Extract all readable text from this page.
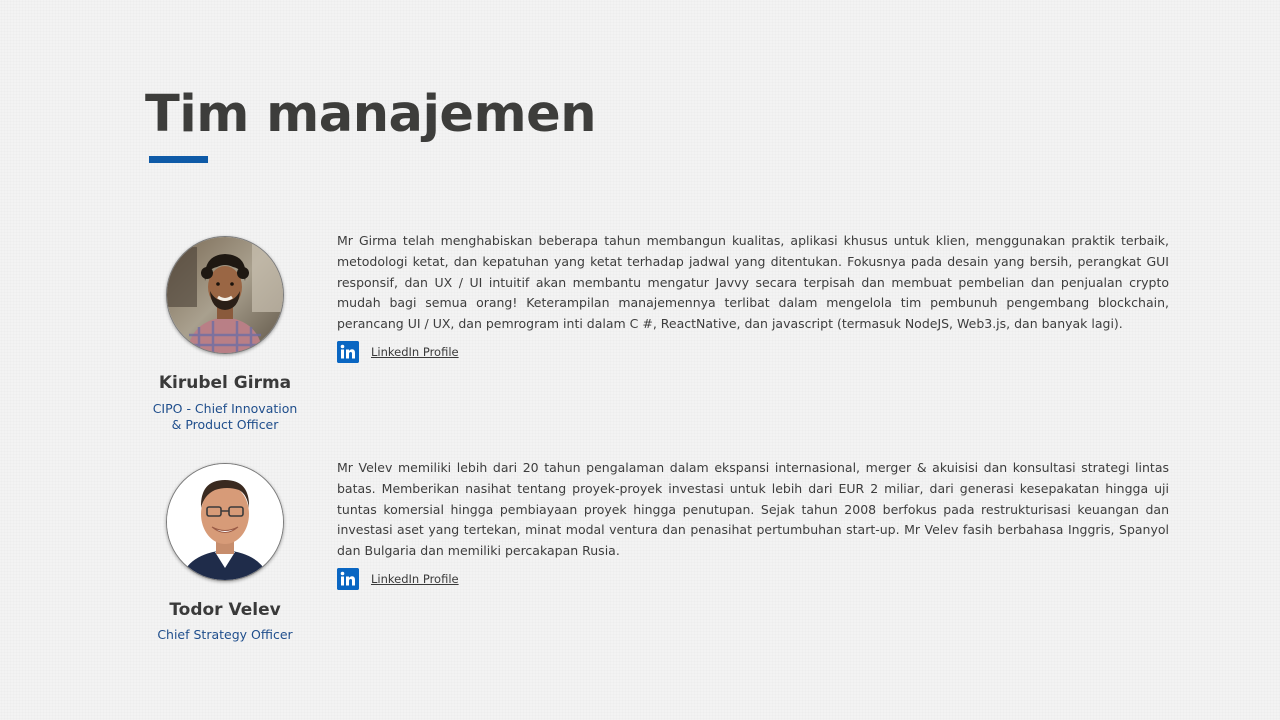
Tim manajemen
Kirubel Girma
CIPO - Chief Innovation
& Product Officer

Mr Girma telah menghabiskan beberapa tahun membangun kualitas, aplikasi khusus untuk klien, menggunakan praktik terbaik, metodologi ketat, dan kepatuhan yang ketat terhadap jadwal yang ditentukan. Fokusnya pada desain yang bersih, perangkat GUI responsif, dan UX / UI intuitif akan membantu mengatur Javvy secara terpisah dan membuat pembelian dan penjualan crypto mudah bagi semua orang! Keterampilan manajemennya terlibat dalam mengelola tim pembunuh pengembang blockchain, perancang UI / UX, dan pemrogram inti dalam C #, ReactNative, dan javascript (termasuk NodeJS, Web3.js, dan banyak lagi).

LinkedIn Profile
Todor Velev
Chief Strategy Officer

Mr Velev memiliki lebih dari 20 tahun pengalaman dalam ekspansi internasional, merger & akuisisi dan konsultasi strategi lintas batas. Memberikan nasihat tentang proyek-proyek investasi untuk lebih dari EUR 2 miliar, dari generasi kesepakatan hingga uji tuntas komersial hingga pembiayaan proyek hingga penutupan. Sejak tahun 2008 berfokus pada restrukturisasi keuangan dan investasi aset yang tertekan, minat modal ventura dan penasihat pertumbuhan start-up. Mr Velev fasih berbahasa Inggris, Spanyol dan Bulgaria dan memiliki percakapan Rusia.

LinkedIn Profile
